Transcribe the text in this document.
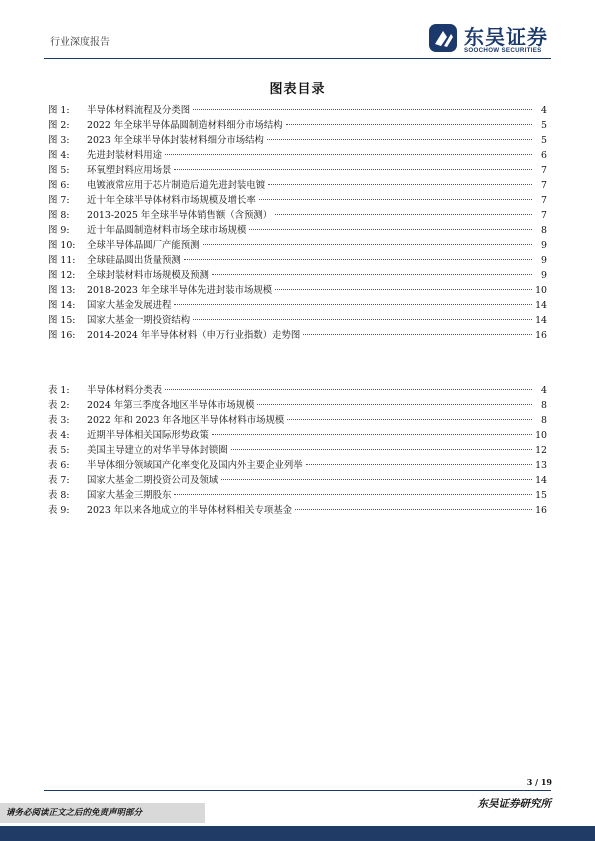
行业深度报告	东吴证券
SOOCHOW SECURITIES
图表目录
图 1:	半导体材料流程及分类图	4
图 2:	2022 年全球半导体晶圆制造材料细分市场结构	5
图 3:	2023 年全球半导体封装材料细分市场结构	5
图 4:	先进封装材料用途	6
图 5:	环氧塑封料应用场景	7
图 6:	电镀液常应用于芯片制造后道先进封装电镀	7
图 7:	近十年全球半导体材料市场规模及增长率	7
图 8:	2013-2025 年全球半导体销售额（含预测）	7
图 9:	近十年晶圆制造材料市场全球市场规模	8
图 10:	全球半导体晶圆厂产能预测	9
图 11:	全球硅晶圆出货量预测	9
图 12:	全球封装材料市场规模及预测	9
图 13:	2018-2023 年全球半导体先进封装市场规模	10
图 14:	国家大基金发展进程	14
图 15:	国家大基金一期投资结构	14
图 16:	2014-2024 年半导体材料（申万行业指数）走势图	16
表 1:	半导体材料分类表	4
表 2:	2024 年第三季度各地区半导体市场规模	8
表 3:	2022 年和 2023 年各地区半导体材料市场规模	8
表 4:	近期半导体相关国际形势政策	10
表 5:	美国主导建立的对华半导体封锁圈	12
表 6:	半导体细分领域国产化率变化及国内外主要企业列举	13
表 7:	国家大基金二期投资公司及领域	14
表 8:	国家大基金三期股东	15
表 9:	2023 年以来各地成立的半导体材料相关专项基金	16
3 / 19
东吴证券研究所
请务必阅读正文之后的免责声明部分
